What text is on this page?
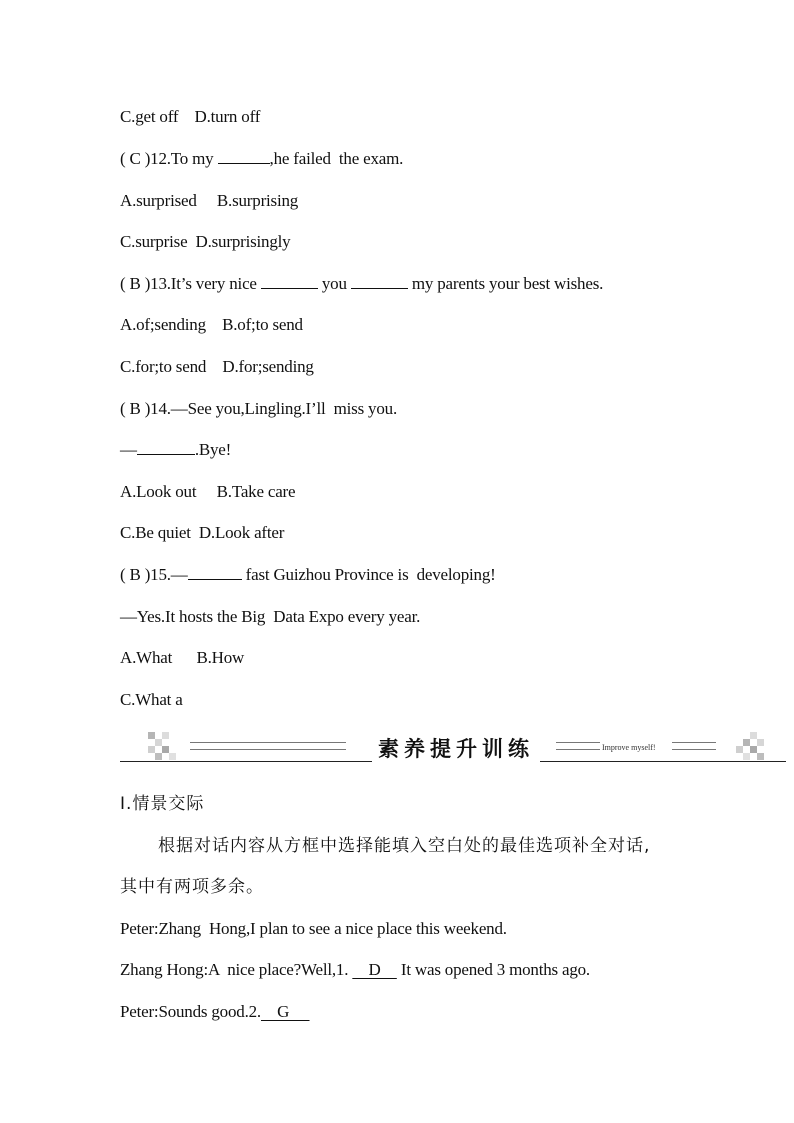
C.get off    D.turn off
( C )12.To my	,he failed  the exam.
A.surprised     B.surprising
C.surprise  D.surprisingly
( B )13.It’s very nice	you	my parents your best wishes.
A.of;sending    B.of;to send
C.for;to send    D.for;sending
( B )14.—See you,Lingling.I’ll  miss you.
—	.Bye!
A.Look out     B.Take care
C.Be quiet  D.Look after
( B )15.—	fast Guizhou Province is  developing!
—Yes.It hosts the Big  Data Expo every year.
A.What      B.How
C.What a
素养提升训练	Improve myself!
Ⅰ.情景交际
根据对话内容从方框中选择能填入空白处的最佳选项补全对话,
其中有两项多余。
Peter:Zhang  Hong,I plan to see a nice place this weekend.
Zhang Hong:A  nice place?Well,1.     D     It was opened 3 months ago.
Peter:Sounds good.2.    G
